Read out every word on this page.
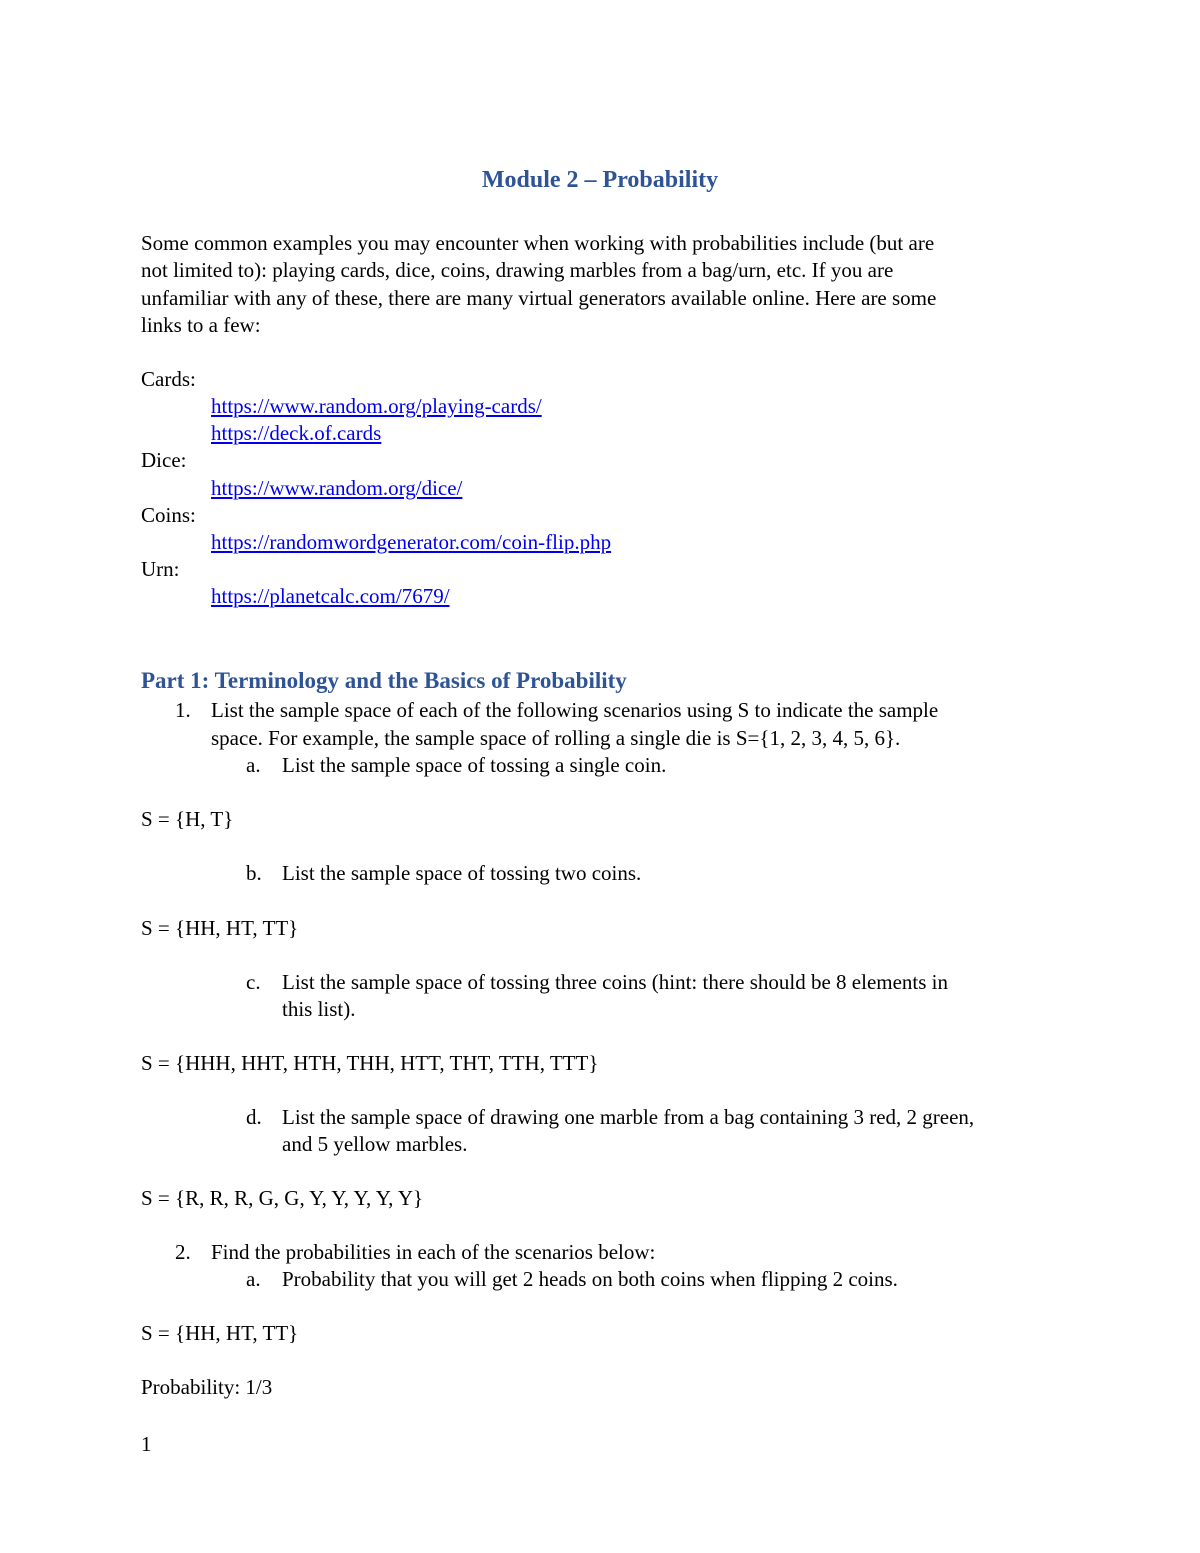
Module 2 – Probability
Some common examples you may encounter when working with probabilities include (but are
not limited to): playing cards, dice, coins, drawing marbles from a bag/urn, etc. If you are
unfamiliar with any of these, there are many virtual generators available online. Here are some
links to a few:
Cards:
https://www.random.org/playing-cards/
https://deck.of.cards
Dice:
https://www.random.org/dice/
Coins:
https://randomwordgenerator.com/coin-flip.php
Urn:
https://planetcalc.com/7679/
Part 1: Terminology and the Basics of Probability
1. List the sample space of each of the following scenarios using S to indicate the sample
space. For example, the sample space of rolling a single die is S={1, 2, 3, 4, 5, 6}.
a. List the sample space of tossing a single coin.
S = {H, T}
b. List the sample space of tossing two coins.
S = {HH, HT, TT}
c. List the sample space of tossing three coins (hint: there should be 8 elements in
this list).
S = {HHH, HHT, HTH, THH, HTT, THT, TTH, TTT}
d. List the sample space of drawing one marble from a bag containing 3 red, 2 green,
and 5 yellow marbles.
S = {R, R, R, G, G, Y, Y, Y, Y, Y}
2. Find the probabilities in each of the scenarios below:
a. Probability that you will get 2 heads on both coins when flipping 2 coins.
S = {HH, HT, TT}
Probability: 1/3
1
